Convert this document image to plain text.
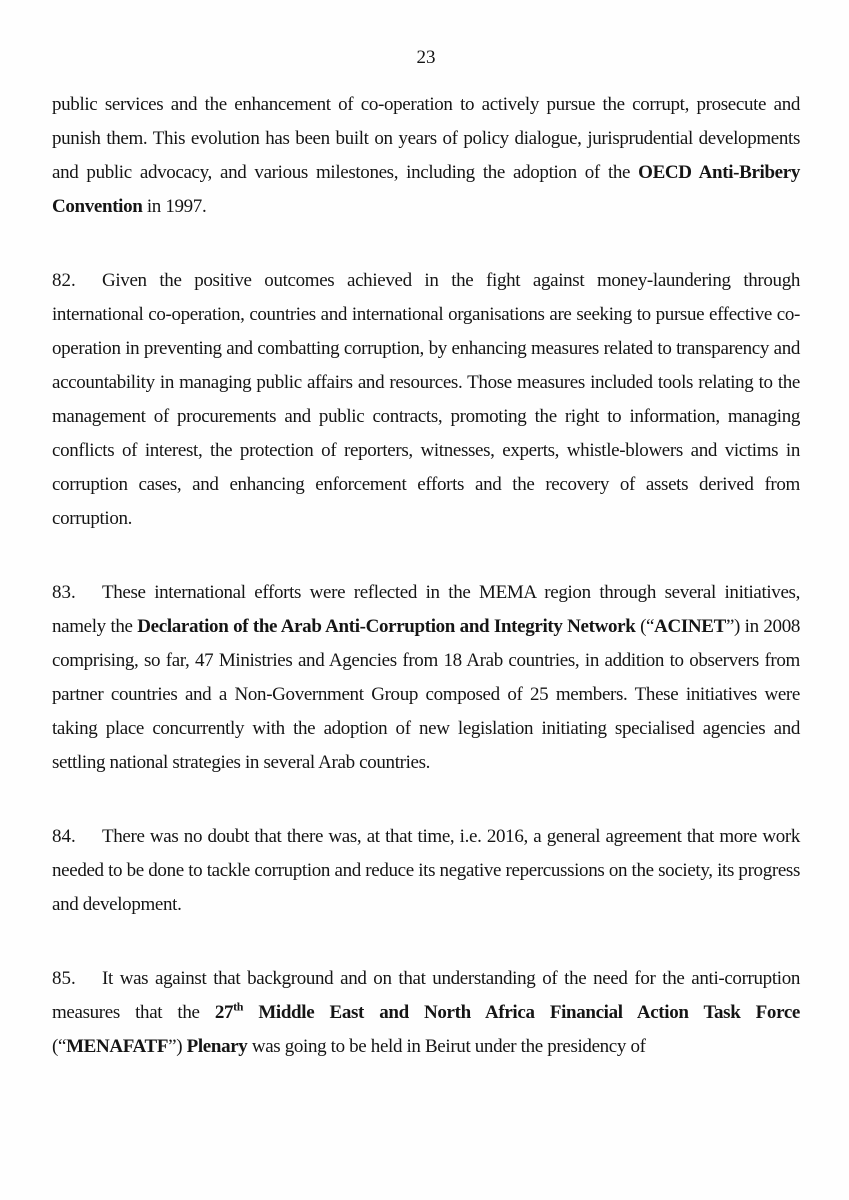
23

public services and the enhancement of co-operation to actively pursue the corrupt, prosecute and punish them. This evolution has been built on years of policy dialogue, jurisprudential developments and public advocacy, and various milestones, including the adoption of the OECD Anti-Bribery Convention in 1997.

82. Given the positive outcomes achieved in the fight against money-laundering through international co-operation, countries and international organisations are seeking to pursue effective co-operation in preventing and combatting corruption, by enhancing measures related to transparency and accountability in managing public affairs and resources. Those measures included tools relating to the management of procurements and public contracts, promoting the right to information, managing conflicts of interest, the protection of reporters, witnesses, experts, whistle-blowers and victims in corruption cases, and enhancing enforcement efforts and the recovery of assets derived from corruption.

83. These international efforts were reflected in the MEMA region through several initiatives, namely the Declaration of the Arab Anti-Corruption and Integrity Network (“ACINET”) in 2008 comprising, so far, 47 Ministries and Agencies from 18 Arab countries, in addition to observers from partner countries and a Non-Government Group composed of 25 members. These initiatives were taking place concurrently with the adoption of new legislation initiating specialised agencies and settling national strategies in several Arab countries.

84. There was no doubt that there was, at that time, i.e. 2016, a general agreement that more work needed to be done to tackle corruption and reduce its negative repercussions on the society, its progress and development.

85. It was against that background and on that understanding of the need for the anti-corruption measures that the 27th Middle East and North Africa Financial Action Task Force (“MENAFATF”) Plenary was going to be held in Beirut under the presidency of
